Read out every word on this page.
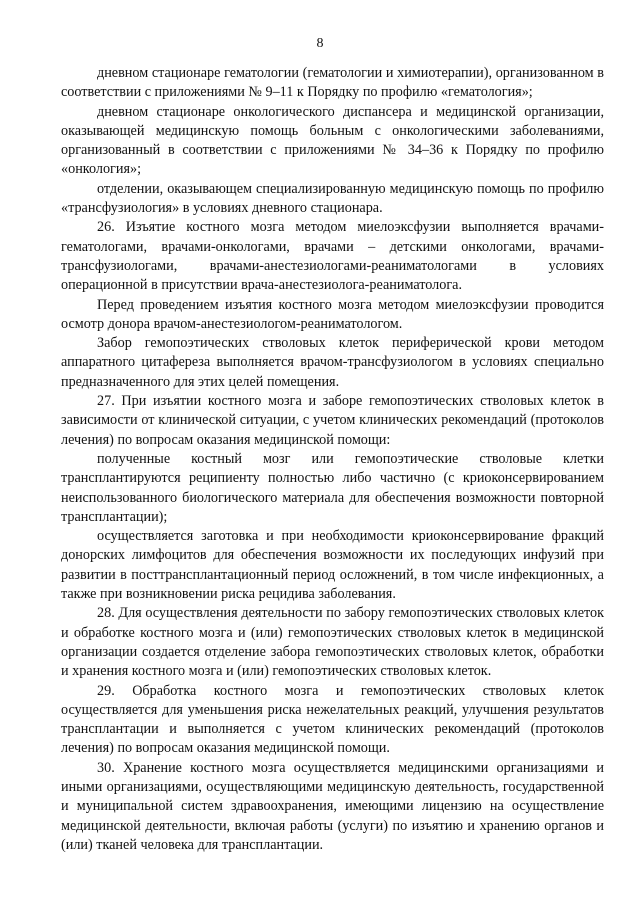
8

дневном стационаре гематологии (гематологии и химиотерапии), организованном в соответствии с приложениями № 9–11 к Порядку по профилю «гематология»;

дневном стационаре онкологического диспансера и медицинской организации, оказывающей медицинскую помощь больным с онкологическими заболеваниями, организованный в соответствии с приложениями № 34–36 к Порядку по профилю «онкология»;

отделении, оказывающем специализированную медицинскую помощь по профилю «трансфузиология» в условиях дневного стационара.

26. Изъятие костного мозга методом миелоэксфузии выполняется врачами-гематологами, врачами-онкологами, врачами – детскими онкологами, врачами-трансфузиологами, врачами-анестезиологами-реаниматологами в условиях операционной в присутствии врача-анестезиолога-реаниматолога.

Перед проведением изъятия костного мозга методом миелоэксфузии проводится осмотр донора врачом-анестезиологом-реаниматологом.

Забор гемопоэтических стволовых клеток периферической крови методом аппаратного цитафереза выполняется врачом-трансфузиологом в условиях специально предназначенного для этих целей помещения.

27. При изъятии костного мозга и заборе гемопоэтических стволовых клеток в зависимости от клинической ситуации, с учетом клинических рекомендаций (протоколов лечения) по вопросам оказания медицинской помощи:

полученные костный мозг или гемопоэтические стволовые клетки трансплантируются реципиенту полностью либо частично (с криоконсервированием неиспользованного биологического материала для обеспечения возможности повторной трансплантации);

осуществляется заготовка и при необходимости криоконсервирование фракций донорских лимфоцитов для обеспечения возможности их последующих инфузий при развитии в посттрансплантационный период осложнений, в том числе инфекционных, а также при возникновении риска рецидива заболевания.

28. Для осуществления деятельности по забору гемопоэтических стволовых клеток и обработке костного мозга и (или) гемопоэтических стволовых клеток в медицинской организации создается отделение забора гемопоэтических стволовых клеток, обработки и хранения костного мозга и (или) гемопоэтических стволовых клеток.

29. Обработка костного мозга и гемопоэтических стволовых клеток осуществляется для уменьшения риска нежелательных реакций, улучшения результатов трансплантации и выполняется с учетом клинических рекомендаций (протоколов лечения) по вопросам оказания медицинской помощи.

30. Хранение костного мозга осуществляется медицинскими организациями и иными организациями, осуществляющими медицинскую деятельность, государственной и муниципальной систем здравоохранения, имеющими лицензию на осуществление медицинской деятельности, включая работы (услуги) по изъятию и хранению органов и (или) тканей человека для трансплантации.
